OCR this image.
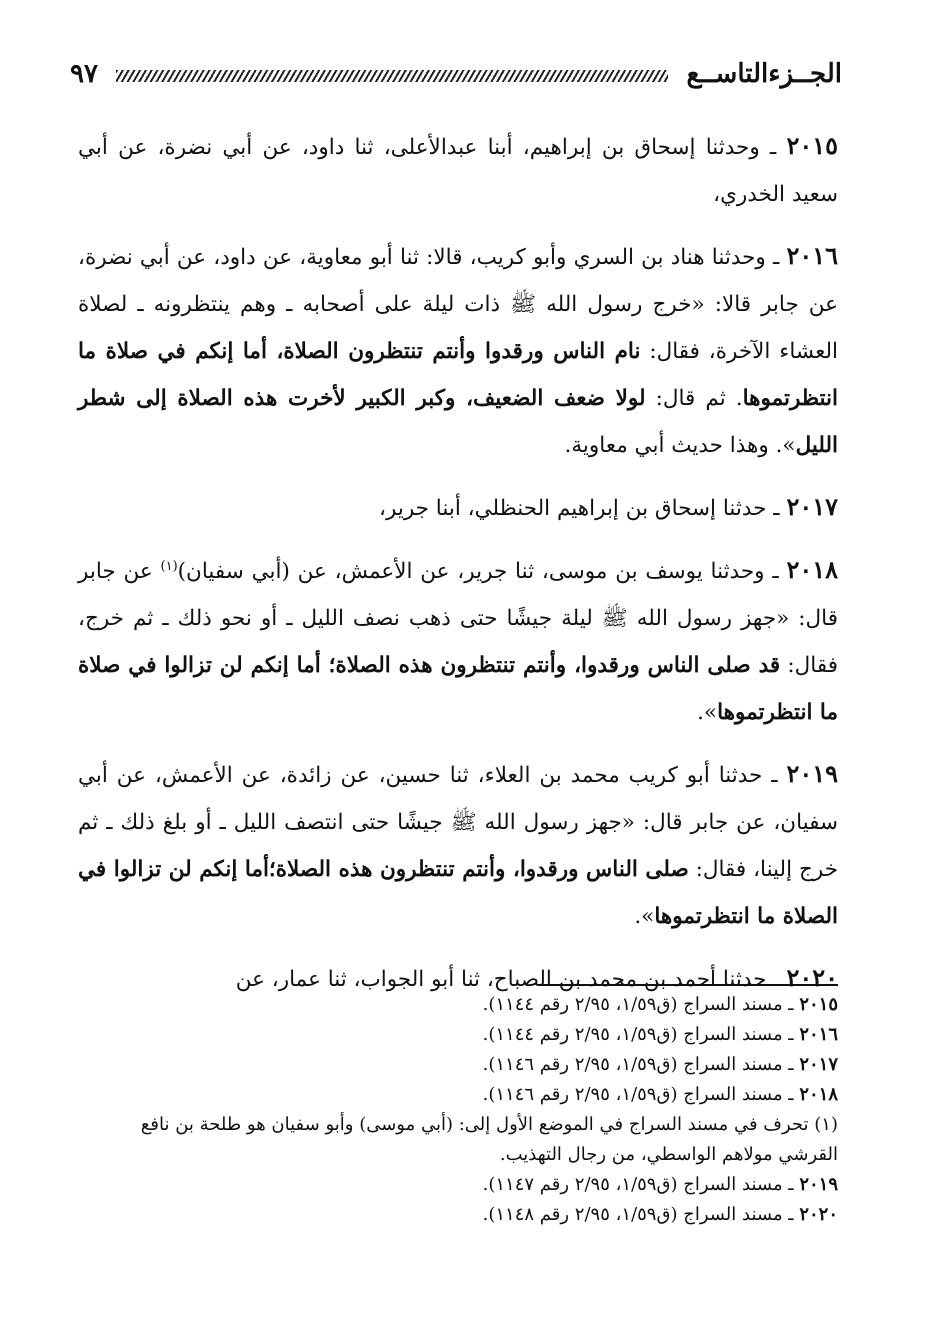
الجــزءالتاســع
٩٧

٢٠١٥ ـ وحدثنا إسحاق بن إبراهيم، أبنا عبدالأعلى، ثنا داود، عن أبي نضرة، عن أبي سعيد الخدري،

٢٠١٦ ـ وحدثنا هناد بن السري وأبو كريب، قالا: ثنا أبو معاوية، عن داود، عن أبي نضرة، عن جابر قالا: «خرج رسول الله ﷺ ذات ليلة على أصحابه ـ وهم ينتظرونه ـ لصلاة العشاء الآخرة، فقال: نام الناس ورقدوا وأنتم تنتظرون الصلاة، أما إنكم في صلاة ما انتظرتموها. ثم قال: لولا ضعف الضعيف، وكبر الكبير لأخرت هذه الصلاة إلى شطر الليل». وهذا حديث أبي معاوية.

٢٠١٧ ـ حدثنا إسحاق بن إبراهيم الحنظلي، أبنا جرير،

٢٠١٨ ـ وحدثنا يوسف بن موسى، ثنا جرير، عن الأعمش، عن (أبي سفيان)$^{(١)}$ عن جابر قال: «جهز رسول الله ﷺ ليلة جيشًا حتى ذهب نصف الليل ـ أو نحو ذلك ـ ثم خرج، فقال: قد صلى الناس ورقدوا، وأنتم تنتظرون هذه الصلاة؛ أما إنكم لن تزالوا في صلاة ما انتظرتموها».

٢٠١٩ ـ حدثنا أبو كريب محمد بن العلاء، ثنا حسين، عن زائدة، عن الأعمش، عن أبي سفيان، عن جابر قال: «جهز رسول الله ﷺ جيشًا حتى انتصف الليل ـ أو بلغ ذلك ـ ثم خرج إلينا، فقال: صلى الناس ورقدوا، وأنتم تنتظرون هذه الصلاة؛أما إنكم لن تزالوا في الصلاة ما انتظرتموها».

٢٠٢٠ ـ حدثنا أحمد بن محمد بن الصباح، ثنا أبو الجواب، ثنا عمار، عن

٢٠١٥ ـ مسند السراج (ق١/٥٩، ٢/٩٥ رقم ١١٤٤).

٢٠١٦ ـ مسند السراج (ق١/٥٩، ٢/٩٥ رقم ١١٤٤).

٢٠١٧ ـ مسند السراج (ق١/٥٩، ٢/٩٥ رقم ١١٤٦).

٢٠١٨ ـ مسند السراج (ق١/٥٩، ٢/٩٥ رقم ١١٤٦).

(١) تحرف في مسند السراج في الموضع الأول إلى: (أبي موسى) وأبو سفيان هو طلحة بن نافع القرشي مولاهم الواسطي، من رجال التهذيب.

٢٠١٩ ـ مسند السراج (ق١/٥٩، ٢/٩٥ رقم ١١٤٧).

٢٠٢٠ ـ مسند السراج (ق١/٥٩، ٢/٩٥ رقم ١١٤٨).
